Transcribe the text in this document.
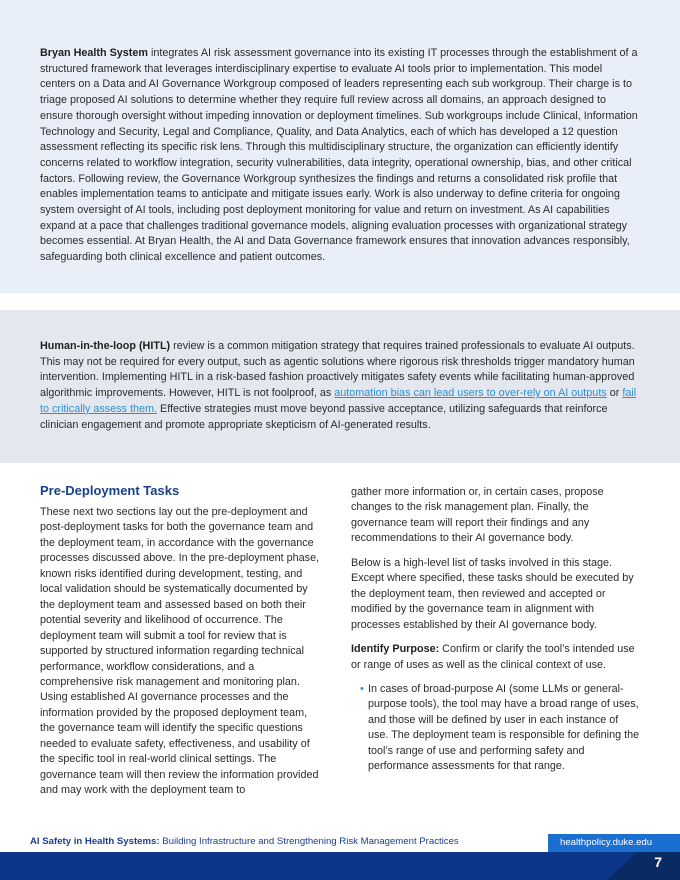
Bryan Health System integrates AI risk assessment governance into its existing IT processes through the establishment of a structured framework that leverages interdisciplinary expertise to evaluate AI tools prior to implementation. This model centers on a Data and AI Governance Workgroup composed of leaders representing each sub workgroup. Their charge is to triage proposed AI solutions to determine whether they require full review across all domains, an approach designed to ensure thorough oversight without impeding innovation or deployment timelines. Sub workgroups include Clinical, Information Technology and Security, Legal and Compliance, Quality, and Data Analytics, each of which has developed a 12 question assessment reflecting its specific risk lens. Through this multidisciplinary structure, the organization can efficiently identify concerns related to workflow integration, security vulnerabilities, data integrity, operational ownership, bias, and other critical factors. Following review, the Governance Workgroup synthesizes the findings and returns a consolidated risk profile that enables implementation teams to anticipate and mitigate issues early. Work is also underway to define criteria for ongoing system oversight of AI tools, including post deployment monitoring for value and return on investment. As AI capabilities expand at a pace that challenges traditional governance models, aligning evaluation processes with organizational strategy becomes essential. At Bryan Health, the AI and Data Governance framework ensures that innovation advances responsibly, safeguarding both clinical excellence and patient outcomes.

Human-in-the-loop (HITL) review is a common mitigation strategy that requires trained professionals to evaluate AI outputs. This may not be required for every output, such as agentic solutions where rigorous risk thresholds trigger mandatory human intervention. Implementing HITL in a risk-based fashion proactively mitigates safety events while facilitating human-approved algorithmic improvements. However, HITL is not foolproof, as automation bias can lead users to over-rely on AI outputs or fail to critically assess them. Effective strategies must move beyond passive acceptance, utilizing safeguards that reinforce clinician engagement and promote appropriate skepticism of AI-generated results.

Pre-Deployment Tasks

These next two sections lay out the pre-deployment and post-deployment tasks for both the governance team and the deployment team, in accordance with the governance processes discussed above. In the pre-deployment phase, known risks identified during development, testing, and local validation should be systematically documented by the deployment team and assessed based on both their potential severity and likelihood of occurrence. The deployment team will submit a tool for review that is supported by structured information regarding technical performance, workflow considerations, and a comprehensive risk management and monitoring plan. Using established AI governance processes and the information provided by the proposed deployment team, the governance team will identify the specific questions needed to evaluate safety, effectiveness, and usability of the specific tool in real-world clinical settings. The governance team will then review the information provided and may work with the deployment team to

gather more information or, in certain cases, propose changes to the risk management plan. Finally, the governance team will report their findings and any recommendations to their AI governance body.

Below is a high-level list of tasks involved in this stage. Except where specified, these tasks should be executed by the deployment team, then reviewed and accepted or modified by the governance team in alignment with processes established by their AI governance body.

Identify Purpose: Confirm or clarify the tool’s intended use or range of uses as well as the clinical context of use.

• In cases of broad-purpose AI (some LLMs or general-purpose tools), the tool may have a broad range of uses, and those will be defined by user in each instance of use. The deployment team is responsible for defining the tool’s range of use and performing safety and performance assessments for that range.
AI Safety in Health Systems: Building Infrastructure and Strengthening Risk Management Practices	healthpolicy.duke.edu
7
